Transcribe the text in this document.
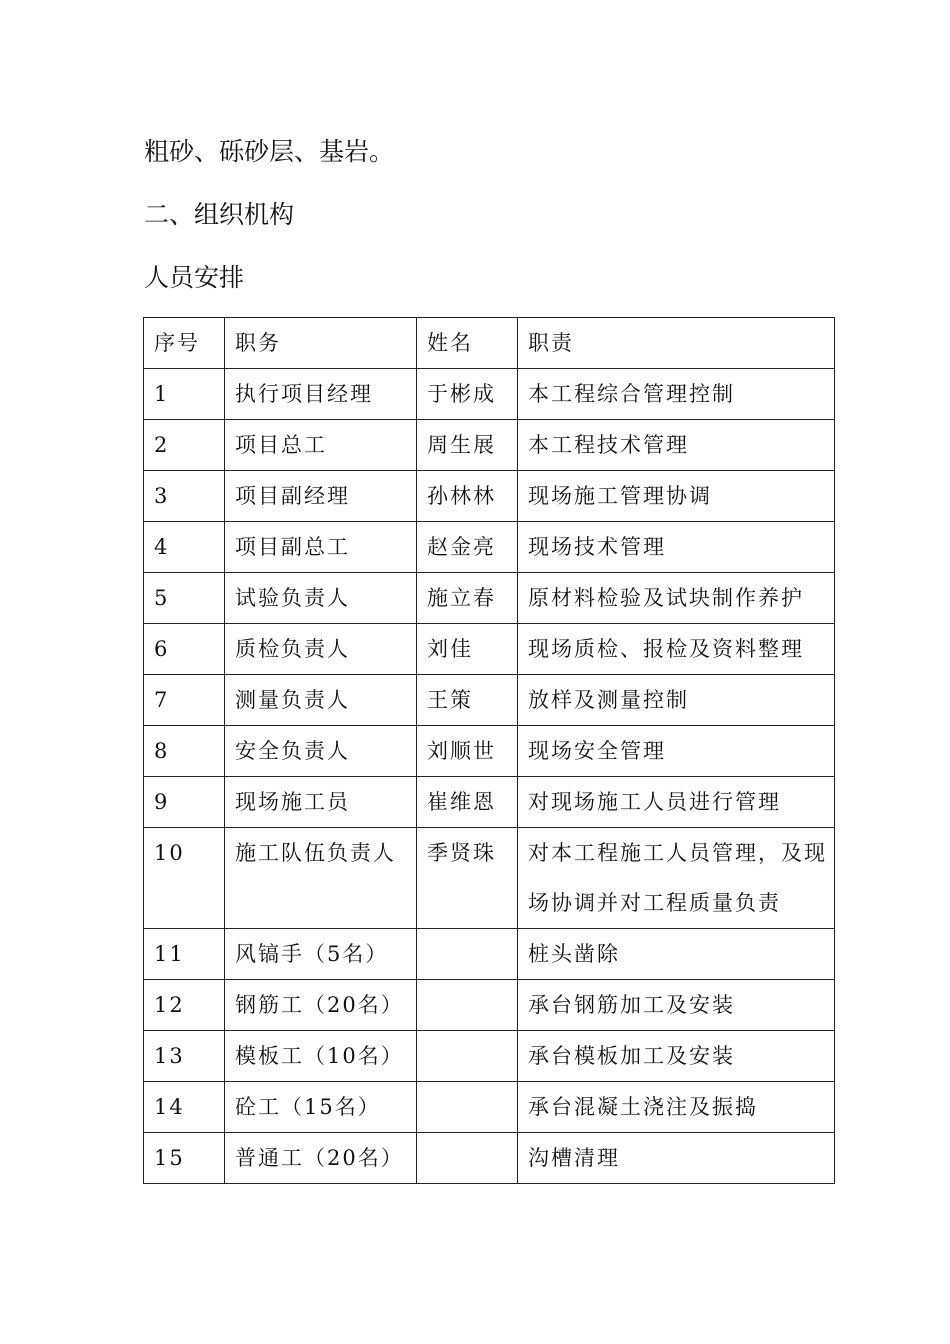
粗砂、砾砂层、基岩。
二、组织机构
人员安排
序号	职务	姓名	职责
1	执行项目经理	于彬成	本工程综合管理控制
2	项目总工	周生展	本工程技术管理
3	项目副经理	孙林林	现场施工管理协调
4	项目副总工	赵金亮	现场技术管理
5	试验负责人	施立春	原材料检验及试块制作养护
6	质检负责人	刘佳	现场质检、报检及资料整理
7	测量负责人	王策	放样及测量控制
8	安全负责人	刘顺世	现场安全管理
9	现场施工员	崔维恩	对现场施工人员进行管理
10	施工队伍负责人	季贤珠	对本工程施工人员管理，及现场协调并对工程质量负责
11	风镐手（5名）		桩头凿除
12	钢筋工（20名）		承台钢筋加工及安装
13	模板工（10名）		承台模板加工及安装
14	砼工（15名）		承台混凝土浇注及振捣
15	普通工（20名）		沟槽清理
